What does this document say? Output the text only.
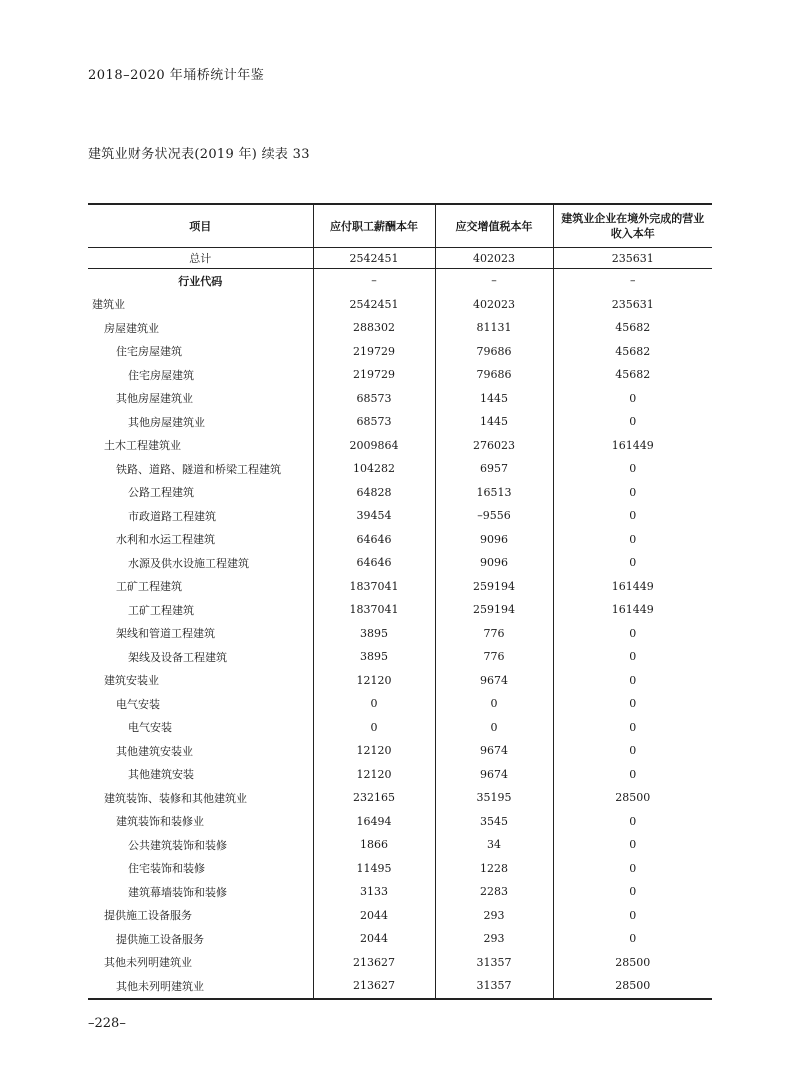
2018–2020 年埇桥统计年鉴
建筑业财务状况表(2019 年) 续表 33
项目	应付职工薪酬本年	应交增值税本年	建筑业企业在境外完成的营业收入本年
总计	2542451	402023	235631
行业代码	–	–	–
建筑业	2542451	402023	235631
房屋建筑业	288302	81131	45682
住宅房屋建筑	219729	79686	45682
住宅房屋建筑	219729	79686	45682
其他房屋建筑业	68573	1445	0
其他房屋建筑业	68573	1445	0
土木工程建筑业	2009864	276023	161449
铁路、道路、隧道和桥梁工程建筑	104282	6957	0
公路工程建筑	64828	16513	0
市政道路工程建筑	39454	–9556	0
水利和水运工程建筑	64646	9096	0
水源及供水设施工程建筑	64646	9096	0
工矿工程建筑	1837041	259194	161449
工矿工程建筑	1837041	259194	161449
架线和管道工程建筑	3895	776	0
架线及设备工程建筑	3895	776	0
建筑安装业	12120	9674	0
电气安装	0	0	0
电气安装	0	0	0
其他建筑安装业	12120	9674	0
其他建筑安装	12120	9674	0
建筑装饰、装修和其他建筑业	232165	35195	28500
建筑装饰和装修业	16494	3545	0
公共建筑装饰和装修	1866	34	0
住宅装饰和装修	11495	1228	0
建筑幕墙装饰和装修	3133	2283	0
提供施工设备服务	2044	293	0
提供施工设备服务	2044	293	0
其他未列明建筑业	213627	31357	28500
其他未列明建筑业	213627	31357	28500
–228–
